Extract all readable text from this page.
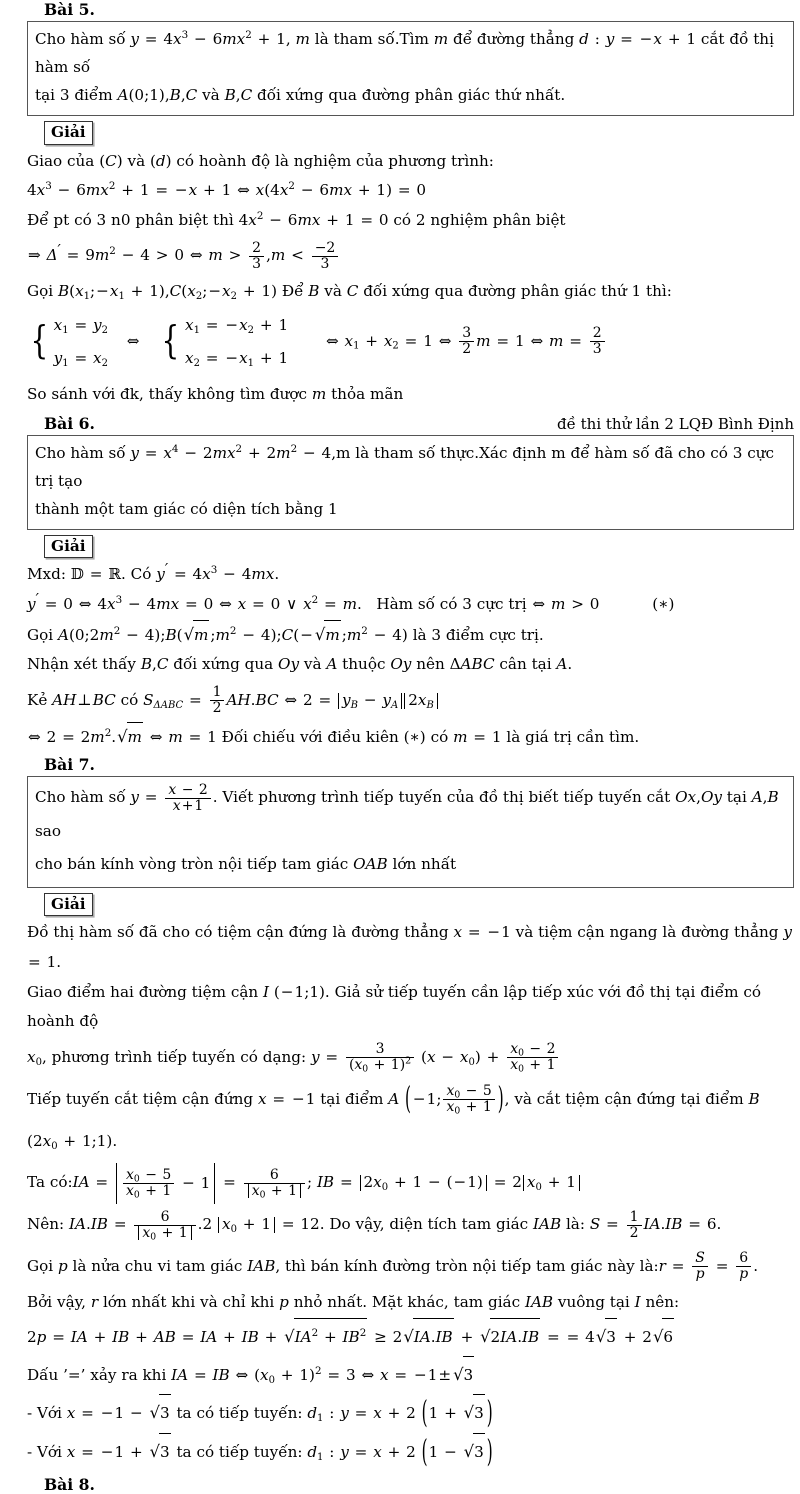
Bài 5.
Cho hàm số $y = 4x^3 - 6mx^2 + 1$, m là tham số.Tìm m để đường thẳng d : y = −x + 1 cắt đồ thị hàm số
tại 3 điểm A(0;1),B,C và B,C đối xứng qua đường phân giác thứ nhất.
Giải
Giao của (C) và (d) có hoành độ là nghiệm của phương trình:
$4x^3 - 6mx^2 + 1 = -x + 1$ ⇔ $x(4x^2 - 6mx + 1) = 0$
Để pt có 3 n0 phân biệt thì $4x^2 - 6mx + 1 = 0$ có 2 nghiệm phân biệt
⇒ $\Delta' = 9m^2 - 4 > 0$ ⇔ $m > \frac{2}{3} ,m < \frac{-2}{3}$
Gọi $B(x_1;-x_1$ + $1),C(x_2;-x_2 + 1)$ Để B và C đối xứng qua đường phân giác thứ 1 thì:
{ $x_1 = y_2$
$y_1 = x_2$
⇔ { $x_1 = -x_2 + 1$
$x_2 = -x_1 + 1$
⇔ $x_1 + x_2 = 1$ ⇔ $\frac{3}{2}$ m = 1 ⇔ $m = \frac{2}{3}$
So sánh với đk, thấy không tìm được m thỏa mãn
Bài 6.	đề thi thử lần 2 LQĐ Bình Định
Cho hàm số $y = x^4 - 2mx^2 + 2m^2 - 4,m$ là tham số thực.Xác định m để hàm số đã cho có 3 cực trị tạo
thành một tam giác có diện tích bằng 1
Giải
Mxd: 𝔻 = ℝ. Có $y' = 4x^3 - 4mx$.
y′ = 0 ⇔ $4x^3 - 4mx = 0$ ⇔ x = 0 ∨ $x^2 = m$.   Hàm số có 3 cực trị ⇔ m > 0	(∗)
Gọi $A(0;2m^2$ − 4);B( √ m $;m^2$ − 4);C(− √ m $;m^2 - 4$) là 3 điểm cực trị.
Nhận xét thấy B,C đối xứng qua Oy và A thuộc Oy nên ΔABC cân tại A.
Kẻ AH⊥BC có $S_{\Delta ABC} = \frac{1}{2} AH.BC$ ⇔ $2 = y_B - y_A$ $2x_B$
⇔ $2 = 2m^2$. √ m ⇔ m = 1 Đối chiếu với điều kiên (∗) có m = 1 là giá trị cần tìm.
Bài 7.
Cho hàm số $y = \frac{x - 2}{x+1}$ . Viết phương trình tiếp tuyến của đồ thị biết tiếp tuyến cắt Ox,Oy tại A,B sao
cho bán kính vòng tròn nội tiếp tam giác OAB lớn nhất
Giải
Đồ thị hàm số đã cho có tiệm cận đứng là đường thẳng x = −1 và tiệm cận ngang là đường thẳng y = 1.
Giao điểm hai đường tiệm cận I (−1;1). Giả sử tiếp tuyến cần lập tiếp xúc với đồ thị tại điểm có hoành độ
$x_0$, phương trình tiếp tuyến có dạng: $y = \frac{3}{(x_0 + 1)^2} (x - x_0) + \frac{x_0 - 2}{x_0 + 1}$
Tiếp tuyến cắt tiệm cận đứng x = −1 tại điểm A ( −1; $\frac{x_0 - 5}{x_0 + 1}$ ), và cắt tiệm cận đứng tại điểm B ($2x_0$ + 1;1).
Ta có:IA = $\frac{x_0 - 5}{x_0 + 1} - 1 = \frac{6}{x_0 + 1}$ ; IB = $2x_0 + 1 - (-1) = 2$ $x_0 + 1$
Nên: $IA.IB = \frac{6}{x_0 + 1} .2$ $x_0 + 1 = 12$. Do vậy, diện tích tam giác IAB là: $S = \frac{1}{2} IA.IB = 6$.
Gọi p là nửa chu vi tam giác IAB, thì bán kính đường tròn nội tiếp tam giác này là:r = $\frac{S}{p} = \frac{6}{p}$ .
Bởi vậy, r lớn nhất khi và chỉ khi p nhỏ nhất. Mặt khác, tam giác IAB vuông tại I nên:
2p = IA + IB + AB = IA + IB + √ $IA^2 + IB^2 \ge 2$ √ IA.IB + √ 2IA.IB = = 4 √ 3 + 2 √ 6
Dấu ’=’ xảy ra khi IA = IB ⇔ $(x_0 + 1)^2 = 3$ ⇔ x = −1± √ 3
- Với x = −1 − √ 3 ta có tiếp tuyến: $d_1$ : y = x + 2 (1 + √ 3 )
- Với x = −1 + √ 3 ta có tiếp tuyến: $d_1$ : y = x + 2 (1 − √ 3 )
Bài 8.
